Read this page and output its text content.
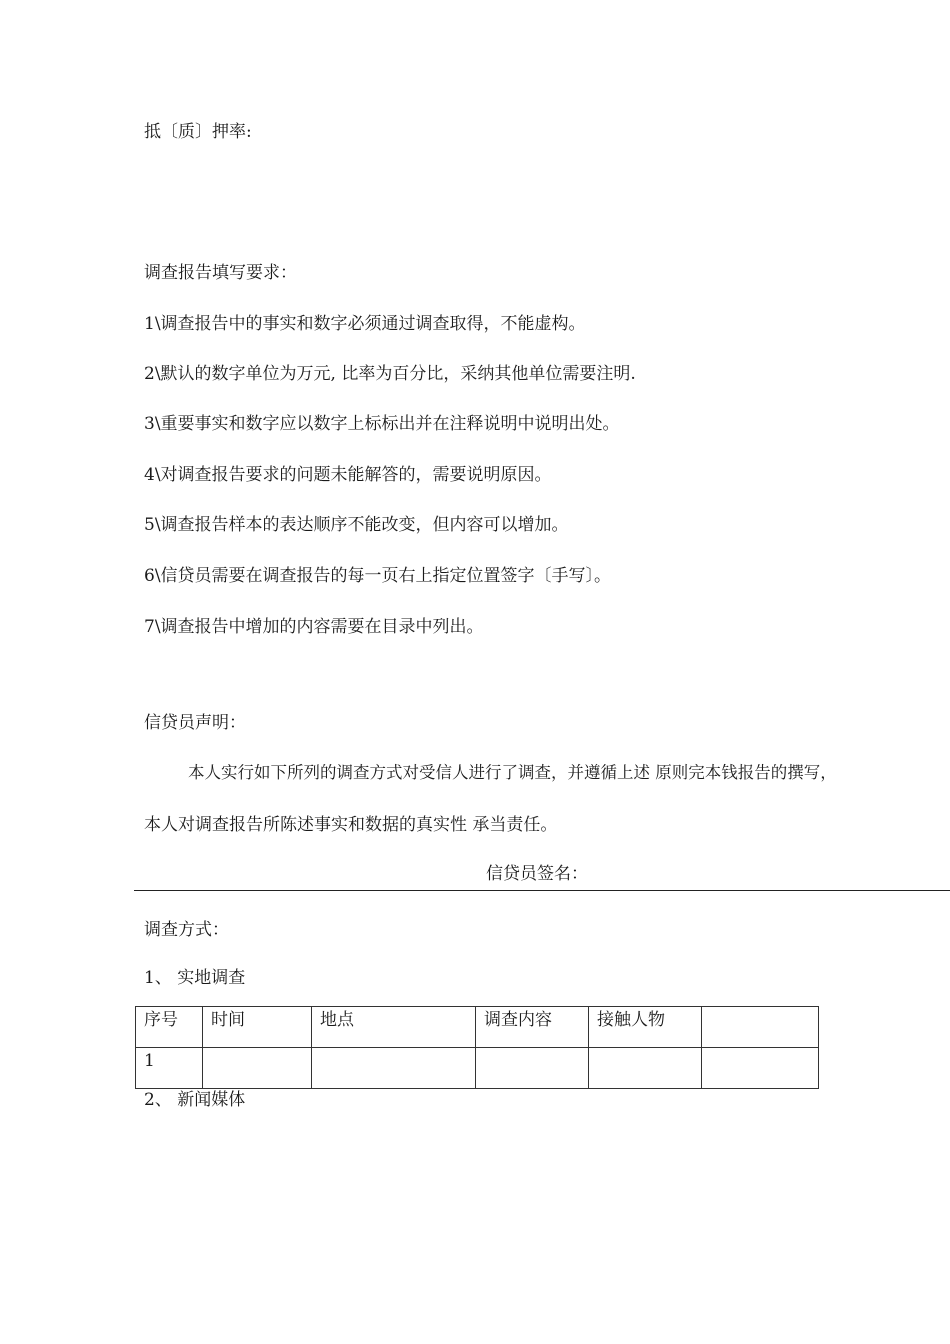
抵〔质〕押率:
调查报告填写要求：
1\调查报告中的事实和数字必须通过调查取得，不能虚构。
2\默认的数字单位为万元, 比率为百分比，采纳其他单位需要注明.
3\重要事实和数字应以数字上标标出并在注释说明中说明出处。
4\对调查报告要求的问题未能解答的，需要说明原因。
5\调查报告样本的表达顺序不能改变，但内容可以增加。
6\信贷员需要在调查报告的每一页右上指定位置签字〔手写〕。
7\调查报告中增加的内容需要在目录中列出。
信贷员声明：
本人实行如下所列的调查方式对受信人进行了调查，并遵循上述 原则完本钱报告的撰写，
本人对调查报告所陈述事实和数据的真实性 承当责任。
信贷员签名：
调查方式：
1、 实地调查
序号	时间	地点	调查内容	接触人物	
1					
2、 新闻媒体
